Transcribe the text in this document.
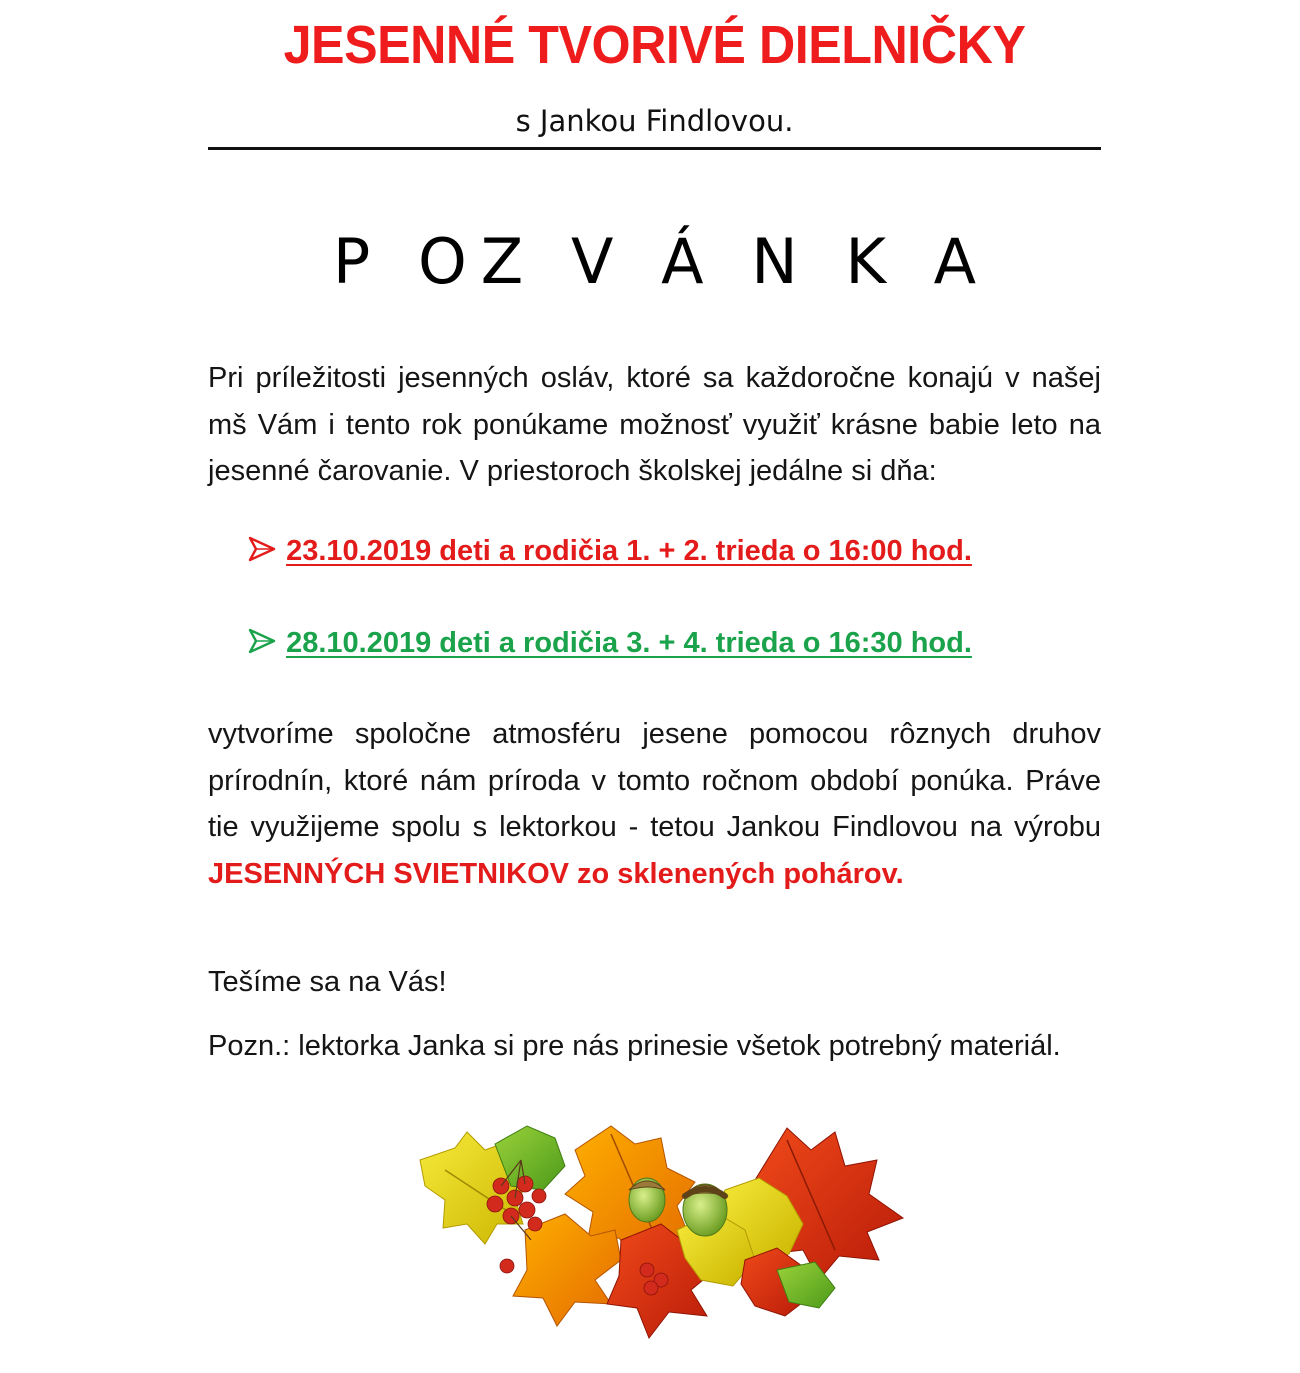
JESENNÉ TVORIVÉ DIELNIČKY
s Jankou Findlovou.
P OZ V Á N K A

Pri príležitosti jesenných osláv, ktoré sa každoročne konajú v našej mš Vám i tento rok ponúkame možnosť využiť krásne babie leto na jesenné čarovanie. V priestoroch školskej jedálne si dňa:

23.10.2019 deti a rodičia 1. + 2. trieda o 16:00 hod.
28.10.2019 deti a rodičia 3. + 4. trieda o 16:30 hod.

vytvoríme spoločne atmosféru jesene pomocou rôznych druhov prírodnín, ktoré nám príroda v tomto ročnom období ponúka. Práve tie využijeme spolu s lektorkou - tetou Jankou Findlovou na výrobu JESENNÝCH SVIETNIKOV zo sklenených pohárov.

Tešíme sa na Vás!

Pozn.: lektorka Janka si pre nás prinesie všetok potrebný materiál.
